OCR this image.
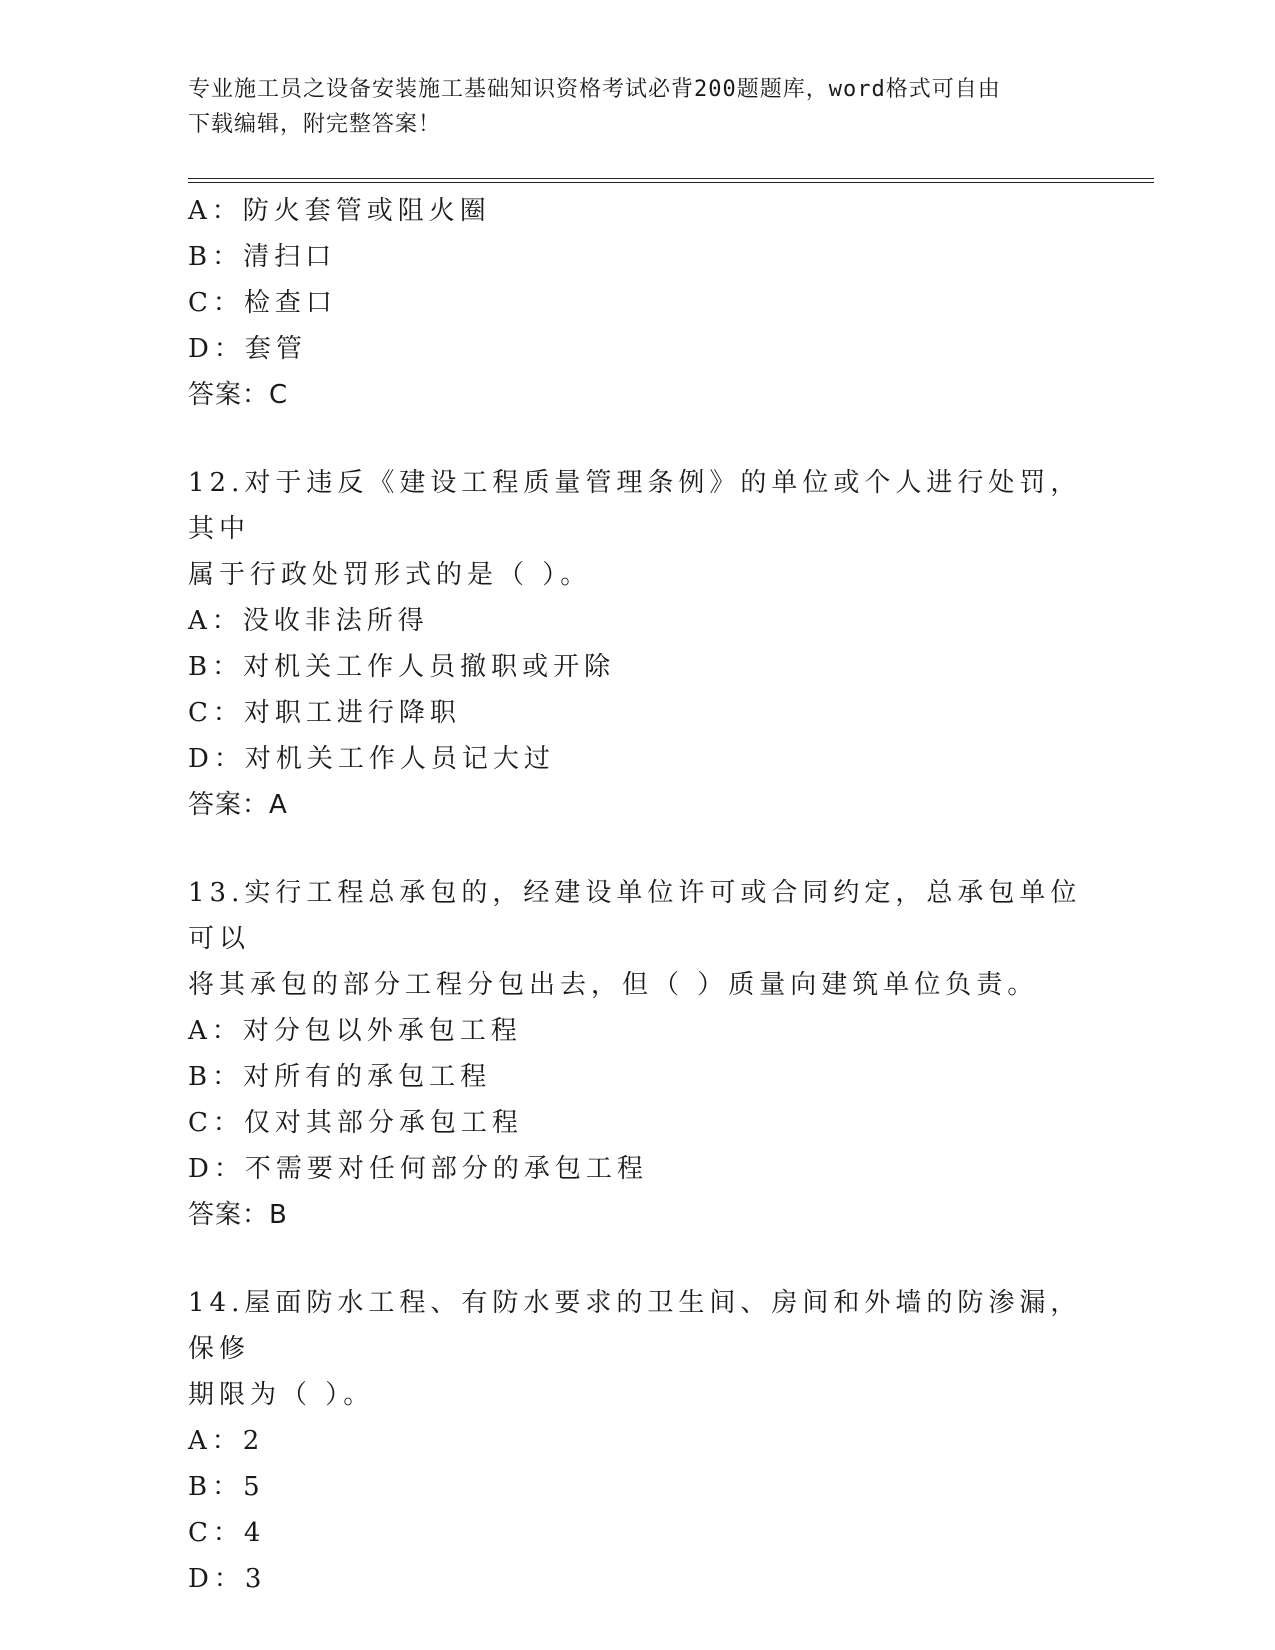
专业施工员之设备安装施工基础知识资格考试必背200题题库，word格式可自由
下载编辑，附完整答案！
A：防火套管或阻火圈
B：清扫口
C：检查口
D：套管
答案：C
12.对于违反《建设工程质量管理条例》的单位或个人进行处罚，其中
属于行政处罚形式的是（ ）。
A：没收非法所得
B：对机关工作人员撤职或开除
C：对职工进行降职
D：对机关工作人员记大过
答案：A
13.实行工程总承包的，经建设单位许可或合同约定，总承包单位可以
将其承包的部分工程分包出去，但（ ）质量向建筑单位负责。
A：对分包以外承包工程
B：对所有的承包工程
C：仅对其部分承包工程
D：不需要对任何部分的承包工程
答案：B
14.屋面防水工程、有防水要求的卫生间、房间和外墙的防渗漏，保修
期限为（ ）。
A：2
B：5
C：4
D：3
